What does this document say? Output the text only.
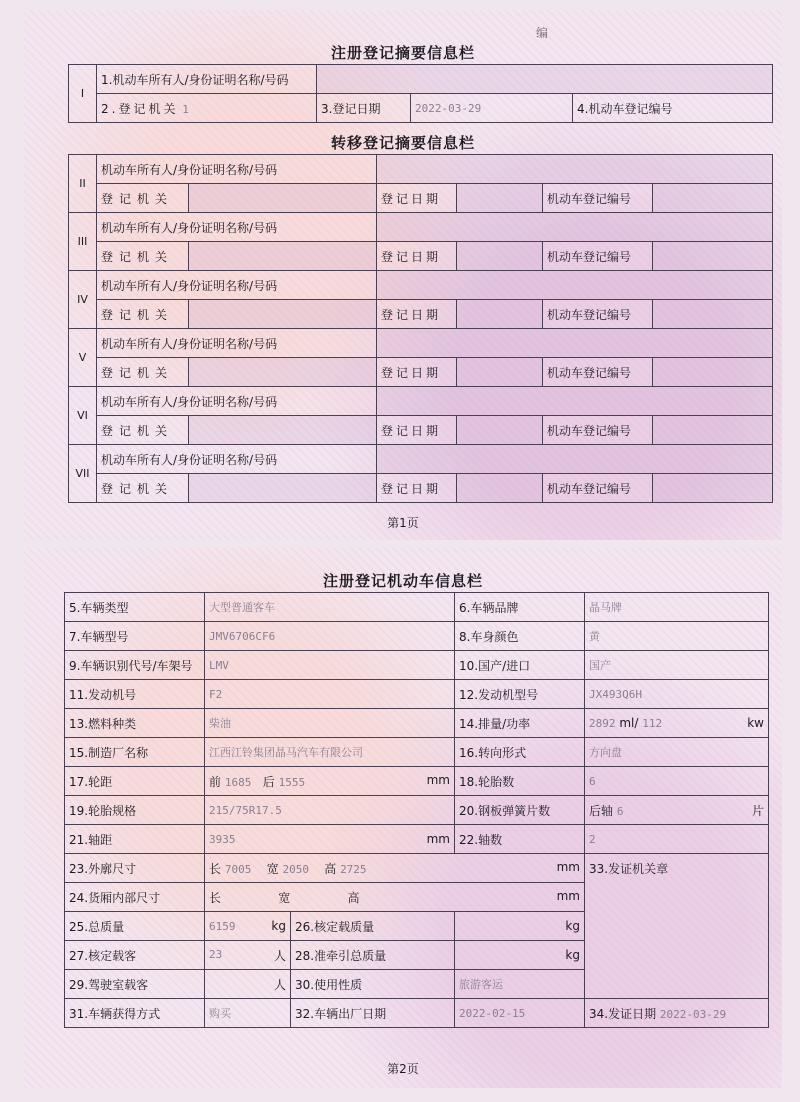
编
注册登记摘要信息栏
I	1.机动车所有人/身份证明名称/号码			
	2.登记机关 1	3.登记日期	2022-03-29	4.机动车登记编号
转移登记摘要信息栏
II	机动车所有人/身份证明名称/号码					
	登记机关		登记日期		机动车登记编号	
III	机动车所有人/身份证明名称/号码					
	登记机关		登记日期		机动车登记编号	
IV	机动车所有人/身份证明名称/号码					
	登记机关		登记日期		机动车登记编号	
V	机动车所有人/身份证明名称/号码					
	登记机关		登记日期		机动车登记编号	
VI	机动车所有人/身份证明名称/号码					
	登记机关		登记日期		机动车登记编号	
VII	机动车所有人/身份证明名称/号码					
	登记机关		登记日期		机动车登记编号	
第1页
注册登记机动车信息栏
5.车辆类型	大型普通客车		6.车辆品牌	晶马牌
7.车辆型号	JMV6706CF6		8.车身颜色	黄
9.车辆识别代号/车架号	LMV		10.国产/进口	国产
11.发动机号	F2		12.发动机型号	JX493Q6H
13.燃料种类	柴油		14.排量/功率	2892 ml/ 112 kw

15.制造厂名称	江西江铃集团晶马汽车有限公司		16.转向形式	方向盘
17.轮距	前 1685 后 1555 mm		18.轮胎数	6
19.轮胎规格	215/75R17.5		20.钢板弹簧片数	后轴 6 片

21.轴距	3935 mm		22.轴数	2
23.外廓尺寸	长 7005 宽 2050 高 2725 mm			33.发证机关章
24.货厢内部尺寸	长 宽 高 mm			

25.总质量	6159 kg	26.核定载质量	kg	

27.核定载客	23 人	28.准牵引总质量	kg	

29.驾驶室载客	人	30.使用性质	旅游客运	
31.车辆获得方式	购买	32.车辆出厂日期	2022-02-15	34.发证日期 2022-03-29
第2页
